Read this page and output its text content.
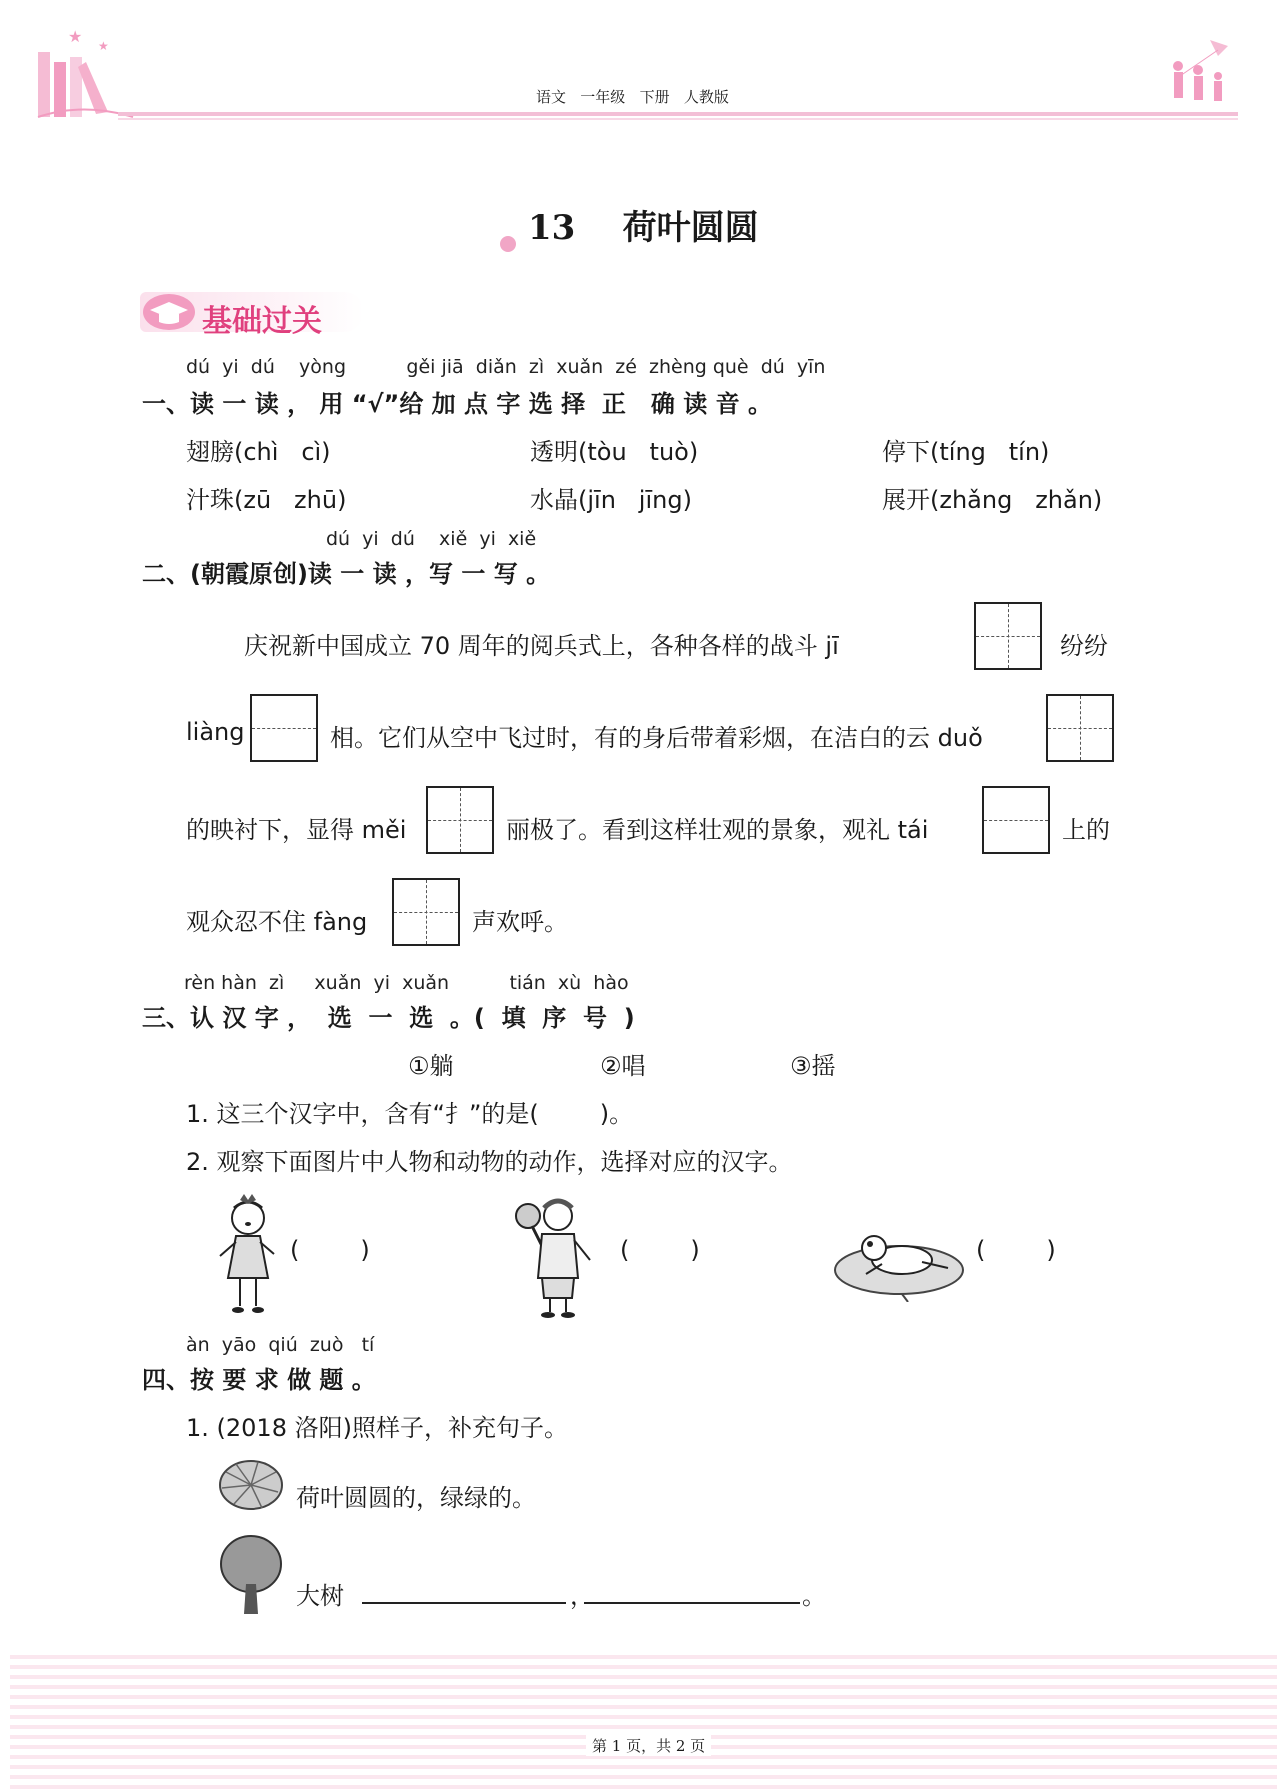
★ ★
语文   一年级   下册   人教版
13    荷叶圆圆
基础过关
dú  yi  dú    yòng          gěi jiā  diǎn  zì  xuǎn  zé  zhèng què  dú  yīn
一、读 一 读 ， 用 “√”给 加 点 字 选 择  正   确 读 音 。
翅膀(chì   cì)	透明(tòu   tuò)	停下(tíng   tín)
汁珠(zū   zhū)	水晶(jīn   jīng)	展开(zhǎng   zhǎn)
dú  yi  dú    xiě  yi  xiě
二、(朝霞原创)读 一 读 ，写 一 写 。
庆祝新中国成立 70 周年的阅兵式上，各种各样的战斗 jī	纷纷
liàng	相。它们从空中飞过时，有的身后带着彩烟，在洁白的云 duǒ
的映衬下，显得 měi	丽极了。看到这样壮观的景象，观礼 tái	上的
观众忍不住 fàng	声欢呼。
rèn hàn  zì     xuǎn  yi  xuǎn          tián  xù  hào
三、认 汉 字 ，  选  一  选  。(  填  序  号  )
①躺	②唱	③摇
1. 这三个汉字中，含有“扌”的是(        )。
2. 观察下面图片中人物和动物的动作，选择对应的汉字。
(        )	(        )	(        )
àn  yāo  qiú  zuò   tí
四、按 要 求 做 题 。
1. (2018 洛阳)照样子，补充句子。
荷叶圆圆的，绿绿的。
大树	，	。
第 1 页，共 2 页
